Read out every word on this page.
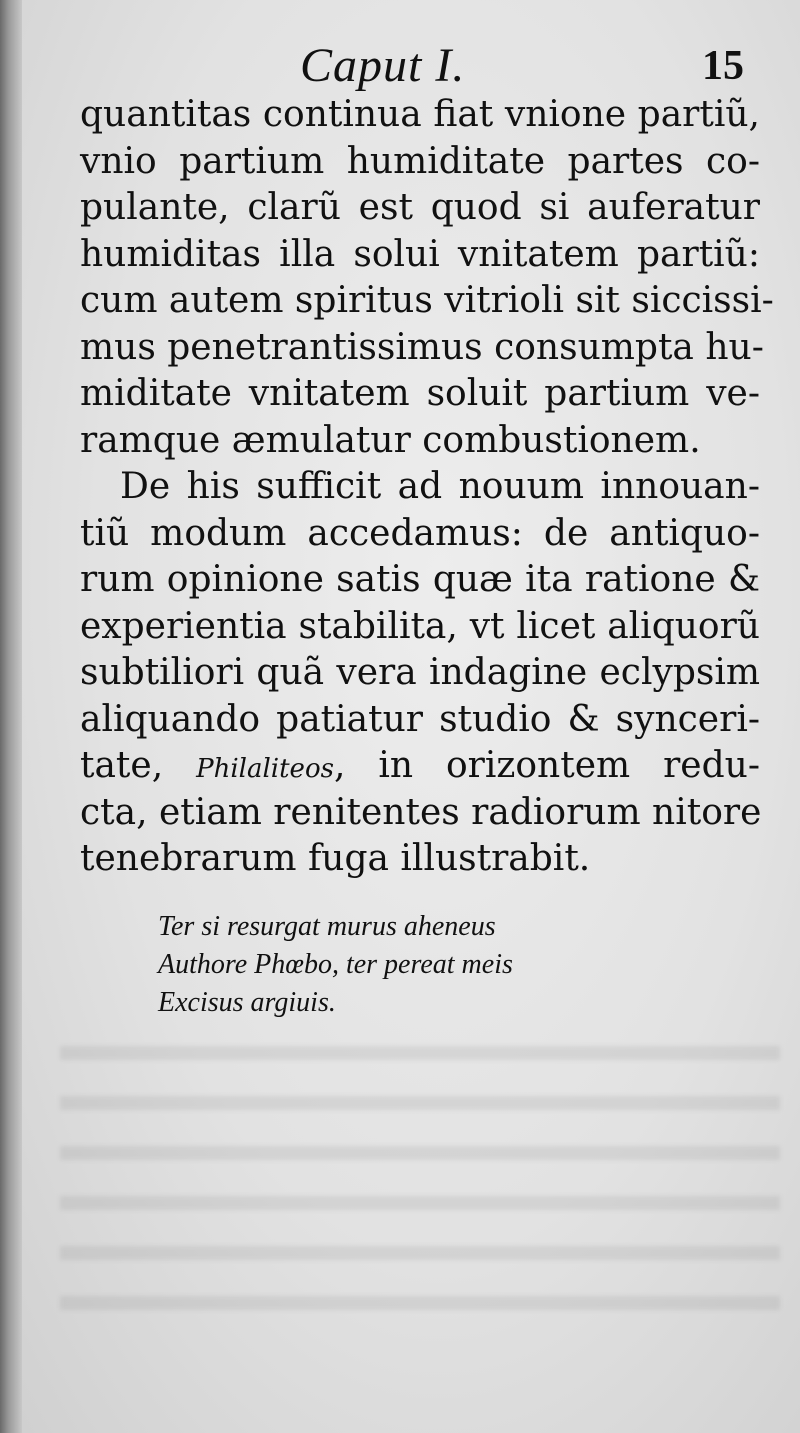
Caput I.	15
quantitas continua fiat vnione partiũ,
vnio partium humiditate partes co-
pulante, clarũ est quod si auferatur
humiditas illa solui vnitatem partiũ:
cum autem spiritus vitrioli sit siccissi-
mus penetrantissimus consumpta hu-
miditate vnitatem soluit partium ve-
ramque æmulatur combustionem.
De his sufficit ad nouum innouan-
tiũ modum accedamus: de antiquo-
rum opinione satis quæ ita ratione &
experientia stabilita, vt licet aliquorũ
subtiliori quã vera indagine eclypsim
aliquando patiatur studio & synceri-
tate, Philaliteos, in orizontem redu-
cta, etiam renitentes radiorum nitore
tenebrarum fuga illustrabit.
Ter si resurgat murus aheneus
Authore Phœbo, ter pereat meis
Excisus argiuis.
